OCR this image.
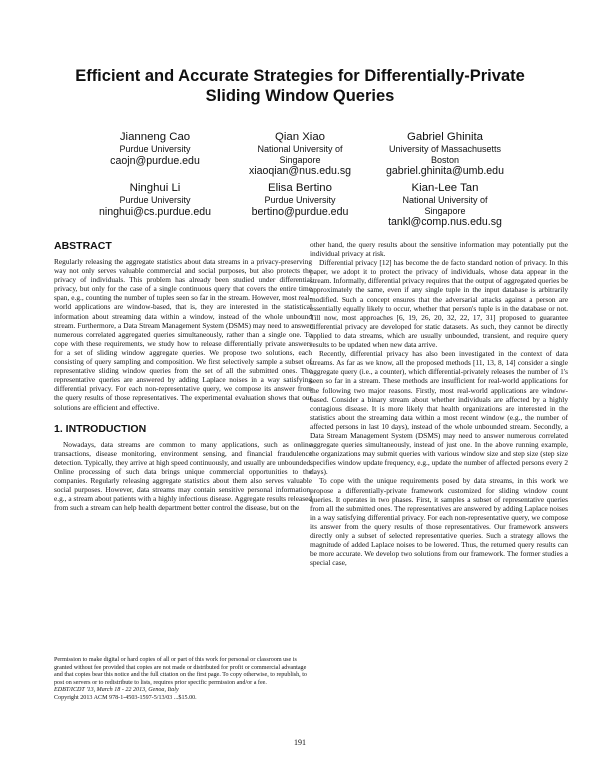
Efficient and Accurate Strategies for Differentially-Private
Sliding Window Queries
Jianneng Cao
Purdue University
caojn@purdue.edu
Qian Xiao
National University of
Singapore
xiaoqian@nus.edu.sg
Gabriel Ghinita
University of Massachusetts
Boston
gabriel.ghinita@umb.edu
Ninghui Li
Purdue University
ninghui@cs.purdue.edu
Elisa Bertino
Purdue University
bertino@purdue.edu
Kian-Lee Tan
National University of
Singapore
tankl@comp.nus.edu.sg
ABSTRACT

Regularly releasing the aggregate statistics about data streams in a privacy-preserving way not only serves valuable commercial and social purposes, but also protects the privacy of individuals. This problem has already been studied under differential privacy, but only for the case of a single continuous query that covers the entire time span, e.g., counting the number of tuples seen so far in the stream. However, most real-world applications are window-based, that is, they are interested in the statistical information about streaming data within a window, instead of the whole unbound stream. Furthermore, a Data Stream Management System (DSMS) may need to answer numerous correlated aggregated queries simultaneously, rather than a single one. To cope with these requirements, we study how to release differentially private answers for a set of sliding window aggregate queries. We propose two solutions, each consisting of query sampling and composition. We first selectively sample a subset of representative sliding window queries from the set of all the submitted ones. The representative queries are answered by adding Laplace noises in a way satisfying differential privacy. For each non-representative query, we compose its answer from the query results of those representatives. The experimental evaluation shows that our solutions are efficient and effective.

1. INTRODUCTION

Nowadays, data streams are common to many applications, such as online transactions, disease monitoring, environment sensing, and financial fraudulence detection. Typically, they arrive at high speed continuously, and usually are unbounded. Online processing of such data brings unique commercial opportunities to the companies. Regularly releasing aggregate statistics about them also serves valuable social purposes. However, data streams may contain sensitive personal information, e.g., a stream about patients with a highly infectious disease. Aggregate results released from such a stream can help health department better control the disease, but on the

Permission to make digital or hard copies of all or part of this work for personal or classroom use is granted without fee provided that copies are not made or distributed for profit or commercial advantage and that copies bear this notice and the full citation on the first page. To copy otherwise, to republish, to post on servers or to redistribute to lists, requires prior specific permission and/or a fee.

EDBT/ICDT '13, March 18 - 22 2013, Genoa, Italy

Copyright 2013 ACM 978-1-4503-1597-5/13/03 ...$15.00.

other hand, the query results about the sensitive information may potentially put the individual privacy at risk.

Differential privacy [12] has become the de facto standard notion of privacy. In this paper, we adopt it to protect the privacy of individuals, whose data appear in the stream. Informally, differential privacy requires that the output of aggregated queries be approximately the same, even if any single tuple in the input database is arbitrarily modified. Such a concept ensures that the adversarial attacks against a person are essentially equally likely to occur, whether that person's tuple is in the database or not. Till now, most approaches [6, 19, 26, 20, 32, 22, 17, 31] proposed to guarantee differential privacy are developed for static datasets. As such, they cannot be directly applied to data streams, which are usually unbounded, transient, and require query results to be updated when new data arrive.

Recently, differential privacy has also been investigated in the context of data streams. As far as we know, all the proposed methods [11, 13, 8, 14] consider a single aggregate query (i.e., a counter), which differential-privately releases the number of 1's seen so far in a stream. These methods are insufficient for real-world applications for the following two major reasons. Firstly, most real-world applications are window-based. Consider a binary stream about whether individuals are affected by a highly contagious disease. It is more likely that health organizations are interested in the statistics about the streaming data within a most recent window (e.g., the number of affected persons in last 10 days), instead of the whole unbounded stream. Secondly, a Data Stream Management System (DSMS) may need to answer numerous correlated aggregate queries simultaneously, instead of just one. In the above running example, the organizations may submit queries with various window size and step size (step size specifies window update frequency, e.g., update the number of affected persons every 2 days).

To cope with the unique requirements posed by data streams, in this work we propose a differentially-private framework customized for sliding window count queries. It operates in two phases. First, it samples a subset of representative queries from all the submitted ones. The representatives are answered by adding Laplace noises in a way satisfying differential privacy. For each non-representative query, we compose its answer from the query results of those representatives. Our framework answers directly only a subset of selected representative queries. Such a strategy allows the magnitude of added Laplace noises to be lowered. Thus, the returned query results can be more accurate. We develop two solutions from our framework. The former studies a special case,

191
